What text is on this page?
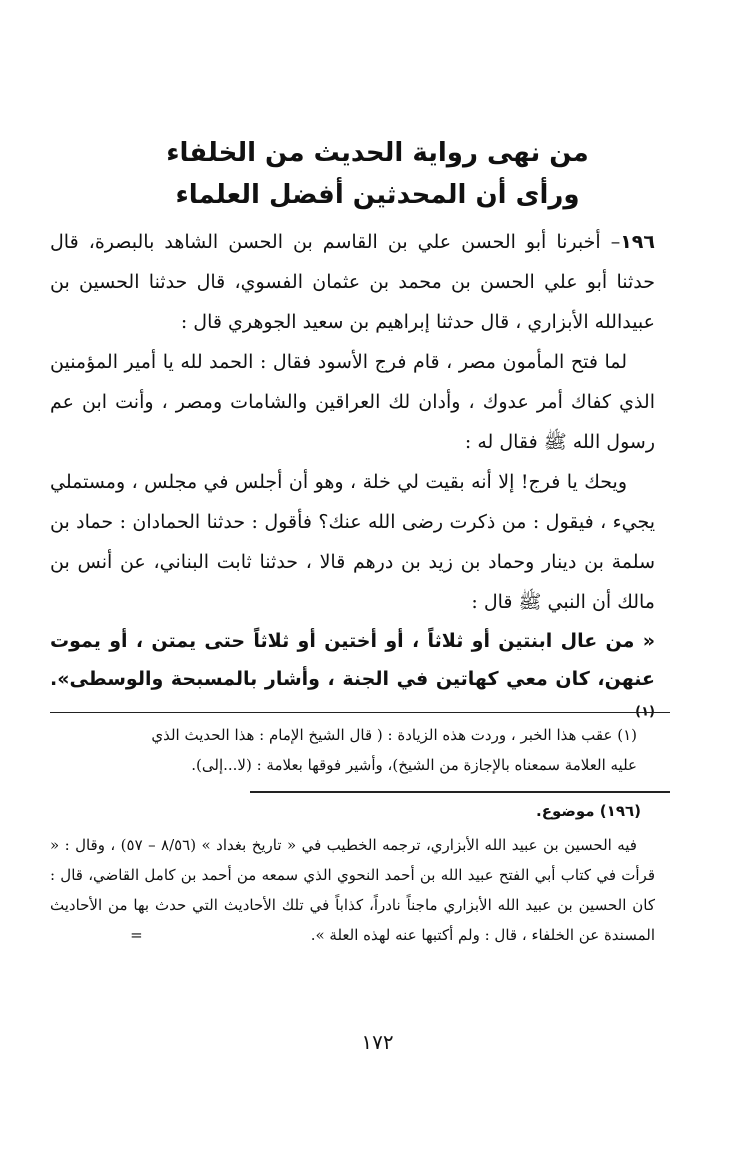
من نهى رواية الحديث من الخلفاء
ورأى أن المحدثين أفضل العلماء

١٩٦– أخبرنا أبو الحسن علي بن القاسم بن الحسن الشاهد بالبصرة، قال حدثنا أبو علي الحسن بن محمد بن عثمان الفسوي، قال حدثنا الحسين بن عبيدالله الأبزاري ، قال حدثنا إبراهيم بن سعيد الجوهري قال :

لما فتح المأمون مصر ، قام فرج الأسود فقال : الحمد لله يا أمير المؤمنين الذي كفاك أمر عدوك ، وأدان لك العراقين والشامات ومصر ، وأنت ابن عم رسول الله ﷺ فقال له :

ويحك يا فرج! إلا أنه بقيت لي خلة ، وهو أن أجلس في مجلس ، ومستملي يجيء ، فيقول : من ذكرت رضى الله عنك؟ فأقول : حدثنا الحمادان : حماد بن سلمة بن دينار وحماد بن زيد بن درهم قالا ، حدثنا ثابت البناني، عن أنس بن مالك أن النبي ﷺ قال :

« من عال ابنتين أو ثلاثاً ، أو أختين أو ثلاثاً حتى يمتن ، أو يموت عنهن، كان معي كهاتين في الجنة ، وأشار بالمسبحة والوسطى».$^{(١)}$

(١) عقب هذا الخبر ، وردت هذه الزيادة : ( قال الشيخ الإمام : هذا الحديث الذي

عليه العلامة سمعناه بالإجازة من الشيخ)، وأشير فوقها بعلامة : (لا...إلى).

(١٩٦) موضوع.

فيه الحسين بن عبيد الله الأبزاري، ترجمه الخطيب في « تاريخ بغداد » (٨/٥٦ – ٥٧) ، وقال : « قرأت في كتاب أبي الفتح عبيد الله بن أحمد النحوي الذي سمعه من أحمد بن كامل القاضي، قال : كان الحسين بن عبيد الله الأبزاري ماجناً نادراً، كذاباً في تلك الأحاديث التي حدث بها من الأحاديث المسندة عن الخلفاء ، قال : ولم أكتبها عنه لهذه العلة ».=

١٧٢
